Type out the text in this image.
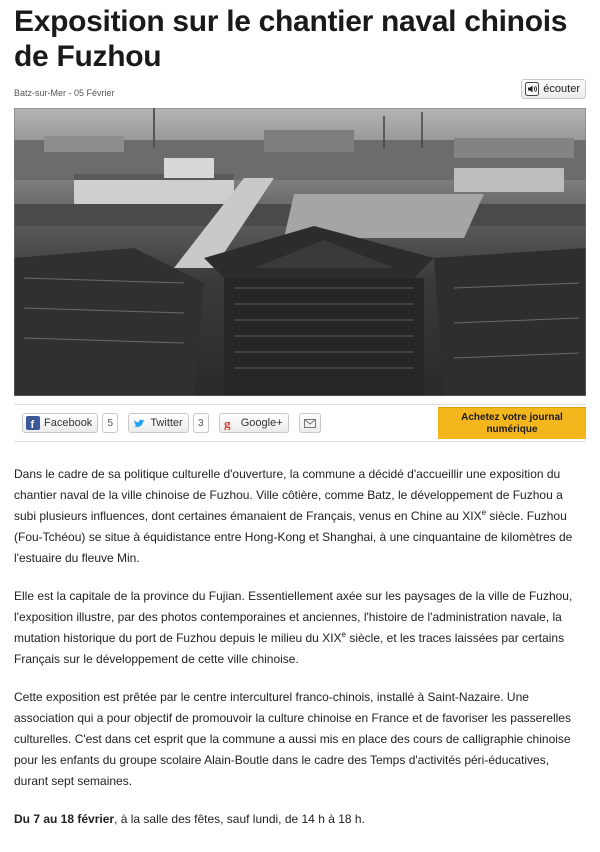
Exposition sur le chantier naval chinois de Fuzhou
Batz-sur-Mer - 05 Février	écouter
f Facebook	5	Twitter	3	g Google+	Achetez votre journal numérique

Dans le cadre de sa politique culturelle d'ouverture, la commune a décidé d'accueillir une exposition du chantier naval de la ville chinoise de Fuzhou. Ville côtière, comme Batz, le développement de Fuzhou a subi plusieurs influences, dont certaines émanaient de Français, venus en Chine au XIXe siècle. Fuzhou (Fou-Tchéou) se situe à équidistance entre Hong-Kong et Shanghai, à une cinquantaine de kilomètres de l'estuaire du fleuve Min.

Elle est la capitale de la province du Fujian. Essentiellement axée sur les paysages de la ville de Fuzhou, l'exposition illustre, par des photos contemporaines et anciennes, l'histoire de l'administration navale, la mutation historique du port de Fuzhou depuis le milieu du XIXe siècle, et les traces laissées par certains Français sur le développement de cette ville chinoise.

Cette exposition est prêtée par le centre interculturel franco-chinois, installé à Saint-Nazaire. Une association qui a pour objectif de promouvoir la culture chinoise en France et de favoriser les passerelles culturelles. C'est dans cet esprit que la commune a aussi mis en place des cours de calligraphie chinoise pour les enfants du groupe scolaire Alain-Boutle dans le cadre des Temps d'activités péri-éducatives, durant sept semaines.

Du 7 au 18 février, à la salle des fêtes, sauf lundi, de 14 h à 18 h.
